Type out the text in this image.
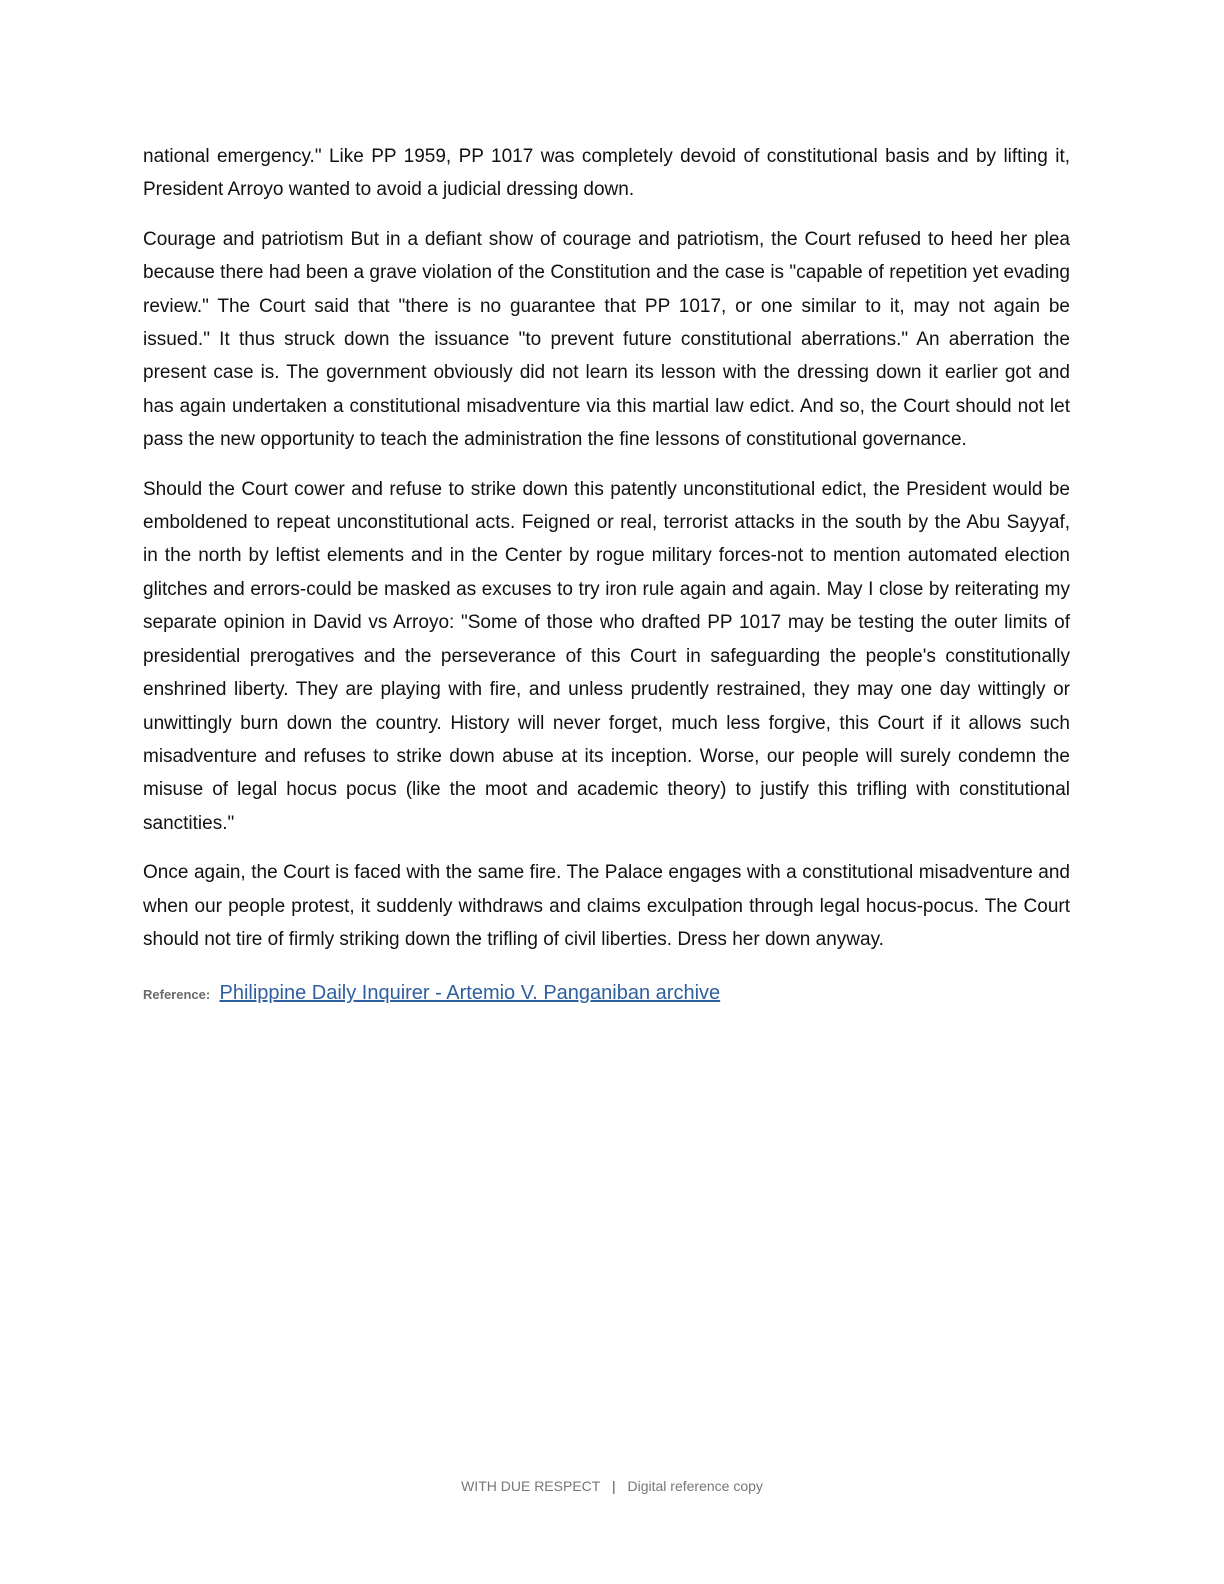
national emergency." Like PP 1959, PP 1017 was completely devoid of constitutional basis and by lifting it, President Arroyo wanted to avoid a judicial dressing down.

Courage and patriotism But in a defiant show of courage and patriotism, the Court refused to heed her plea because there had been a grave violation of the Constitution and the case is "capable of repetition yet evading review." The Court said that "there is no guarantee that PP 1017, or one similar to it, may not again be issued." It thus struck down the issuance "to prevent future constitutional aberrations." An aberration the present case is. The government obviously did not learn its lesson with the dressing down it earlier got and has again undertaken a constitutional misadventure via this martial law edict. And so, the Court should not let pass the new opportunity to teach the administration the fine lessons of constitutional governance.

Should the Court cower and refuse to strike down this patently unconstitutional edict, the President would be emboldened to repeat unconstitutional acts. Feigned or real, terrorist attacks in the south by the Abu Sayyaf, in the north by leftist elements and in the Center by rogue military forces-not to mention automated election glitches and errors-could be masked as excuses to try iron rule again and again. May I close by reiterating my separate opinion in David vs Arroyo: "Some of those who drafted PP 1017 may be testing the outer limits of presidential prerogatives and the perseverance of this Court in safeguarding the people's constitutionally enshrined liberty. They are playing with fire, and unless prudently restrained, they may one day wittingly or unwittingly burn down the country. History will never forget, much less forgive, this Court if it allows such misadventure and refuses to strike down abuse at its inception. Worse, our people will surely condemn the misuse of legal hocus pocus (like the moot and academic theory) to justify this trifling with constitutional sanctities."

Once again, the Court is faced with the same fire. The Palace engages with a constitutional misadventure and when our people protest, it suddenly withdraws and claims exculpation through legal hocus-pocus. The Court should not tire of firmly striking down the trifling of civil liberties. Dress her down anyway.

Reference: Philippine Daily Inquirer - Artemio V. Panganiban archive
WITH DUE RESPECT | Digital reference copy
